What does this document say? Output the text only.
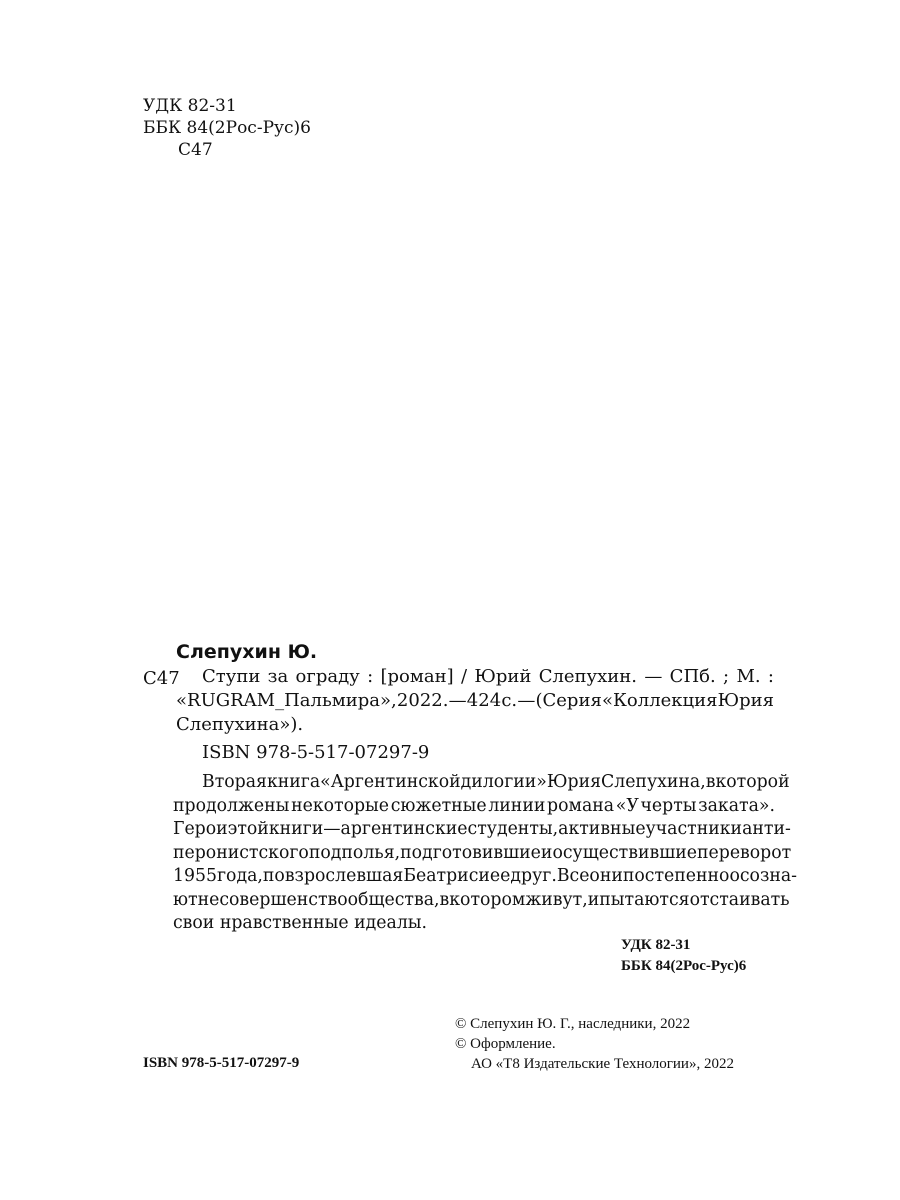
УДК 82-31
ББК 84(2Рос-Рус)6
С47
Слепухин Ю.
С47 Ступи за ограду : [роман] / Юрий Слепухин. — СПб. ; М. :
«RUGRAM_Пальмира», 2022. — 424 с. — (Серия «Коллекция Юрия
Слепухина»).
ISBN 978-5-517-07297-9
Вторая книга «Аргентинской дилогии» Юрия Слепухина, в которой
продолжены некоторые сюжетные линии романа «У черты заката».
Герои этой книги — аргентинские студенты, активные участники анти-
перонистского подполья, подготовившие и осуществившие переворот
1955 года, повзрослевшая Беатрис и ее друг. Все они постепенно осозна-
ют несовершенство общества, в котором живут, и пытаются отстаивать
свои нравственные идеалы.
УДК 82-31
ББК 84(2Рос-Рус)6
ISBN 978-5-517-07297-9
© Слепухин Ю. Г., наследники, 2022
© Оформление.
АО «Т8 Издательские Технологии», 2022
